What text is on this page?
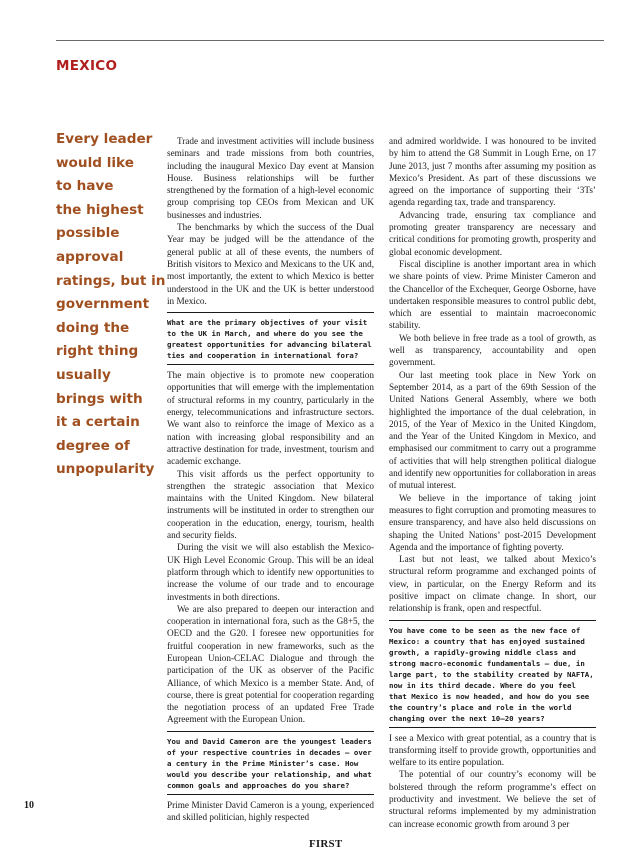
MEXICO
Every leader
would like
to have
the highest
possible
approval
ratings, but in
government
doing the
right thing
usually
brings with
it a certain
degree of
unpopularity

Trade and investment activities will include business seminars and trade missions from both countries, including the inaugural Mexico Day event at Mansion House. Business relationships will be further strengthened by the formation of a high-level economic group comprising top CEOs from Mexican and UK businesses and industries.

The benchmarks by which the success of the Dual Year may be judged will be the attendance of the general public at all of these events, the numbers of British visitors to Mexico and Mexicans to the UK and, most importantly, the extent to which Mexico is better understood in the UK and the UK is better understood in Mexico.

What are the primary objectives of your visit to the UK in March, and where do you see the greatest opportunities for advancing bilateral ties and cooperation in international fora?

The main objective is to promote new cooperation opportunities that will emerge with the implementation of structural reforms in my country, particularly in the energy, telecommunications and infrastructure sectors. We want also to reinforce the image of Mexico as a nation with increasing global responsibility and an attractive destination for trade, investment, tourism and academic exchange.

This visit affords us the perfect opportunity to strengthen the strategic association that Mexico maintains with the United Kingdom. New bilateral instruments will be instituted in order to strengthen our cooperation in the education, energy, tourism, health and security fields.

During the visit we will also establish the Mexico-UK High Level Economic Group. This will be an ideal platform through which to identify new opportunities to increase the volume of our trade and to encourage investments in both directions.

We are also prepared to deepen our interaction and cooperation in international fora, such as the G8+5, the OECD and the G20. I foresee new opportunities for fruitful cooperation in new frameworks, such as the European Union-CELAC Dialogue and through the participation of the UK as observer of the Pacific Alliance, of which Mexico is a member State. And, of course, there is great potential for cooperation regarding the negotiation process of an updated Free Trade Agreement with the European Union.

You and David Cameron are the youngest leaders of your respective countries in decades – over a century in the Prime Minister’s case. How would you describe your relationship, and what common goals and approaches do you share?

Prime Minister David Cameron is a young, experienced and skilled politician, highly respected

and admired worldwide. I was honoured to be invited by him to attend the G8 Summit in Lough Erne, on 17 June 2013, just 7 months after assuming my position as Mexico’s President. As part of these discussions we agreed on the importance of supporting their ‘3Ts’ agenda regarding tax, trade and transparency.

Advancing trade, ensuring tax compliance and promoting greater transparency are necessary and critical conditions for promoting growth, prosperity and global economic development.

Fiscal discipline is another important area in which we share points of view. Prime Minister Cameron and the Chancellor of the Exchequer, George Osborne, have undertaken responsible measures to control public debt, which are essential to maintain macroeconomic stability.

We both believe in free trade as a tool of growth, as well as transparency, accountability and open government.

Our last meeting took place in New York on September 2014, as a part of the 69th Session of the United Nations General Assembly, where we both highlighted the importance of the dual celebration, in 2015, of the Year of Mexico in the United Kingdom, and the Year of the United Kingdom in Mexico, and emphasised our commitment to carry out a programme of activities that will help strengthen political dialogue and identify new opportunities for collaboration in areas of mutual interest.

We believe in the importance of taking joint measures to fight corruption and promoting measures to ensure transparency, and have also held discussions on shaping the United Nations’ post-2015 Development Agenda and the importance of fighting poverty.

Last but not least, we talked about Mexico’s structural reform programme and exchanged points of view, in particular, on the Energy Reform and its positive impact on climate change. In short, our relationship is frank, open and respectful.

You have come to be seen as the new face of Mexico: a country that has enjoyed sustained growth, a rapidly-growing middle class and strong macro-economic fundamentals – due, in large part, to the stability created by NAFTA, now in its third decade. Where do you feel that Mexico is now headed, and how do you see the country’s place and role in the world changing over the next 10–20 years?

I see a Mexico with great potential, as a country that is transforming itself to provide growth, opportunities and welfare to its entire population.

The potential of our country’s economy will be bolstered through the reform programme’s effect on productivity and investment. We believe the set of structural reforms implemented by my administration can increase economic growth from around 3 per

10
FIRST
